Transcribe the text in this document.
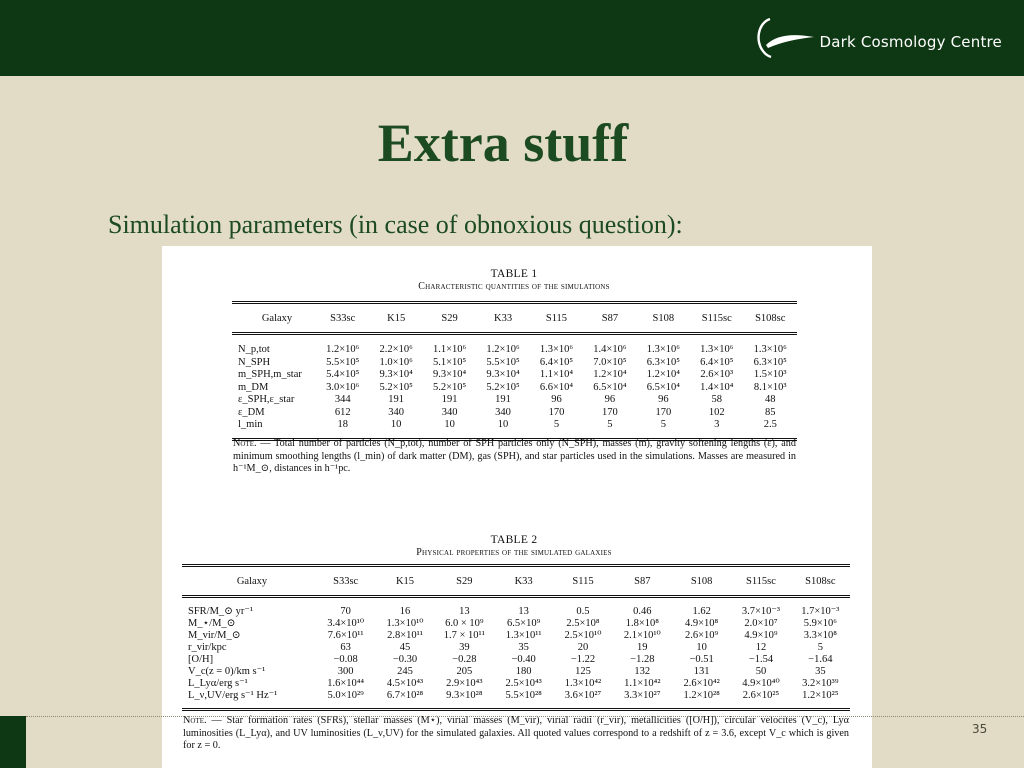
Dark Cosmology Centre
Extra stuff
Simulation parameters (in case of obnoxious question):
TABLE 1
Characteristic quantities of the simulations
Galaxy	S33sc	K15	S29	K33	S115	S87	S108	S115sc	S108sc
N_p,tot	1.2×10⁶	2.2×10⁶	1.1×10⁶	1.2×10⁶	1.3×10⁶	1.4×10⁶	1.3×10⁶	1.3×10⁶	1.3×10⁶
N_SPH	5.5×10⁵	1.0×10⁶	5.1×10⁵	5.5×10⁵	6.4×10⁵	7.0×10⁵	6.3×10⁵	6.4×10⁵	6.3×10⁵
m_SPH,m_star	5.4×10⁵	9.3×10⁴	9.3×10⁴	9.3×10⁴	1.1×10⁴	1.2×10⁴	1.2×10⁴	2.6×10³	1.5×10³
m_DM	3.0×10⁶	5.2×10⁵	5.2×10⁵	5.2×10⁵	6.6×10⁴	6.5×10⁴	6.5×10⁴	1.4×10⁴	8.1×10³
ε_SPH,ε_star	344	191	191	191	96	96	96	58	48
ε_DM	612	340	340	340	170	170	170	102	85
l_min	18	10	10	10	5	5	5	3	2.5
Note. — Total number of particles (N_p,tot), number of SPH particles only (N_SPH), masses (m), gravity softening lengths (ε), and minimum smoothing lengths (l_min) of dark matter (DM), gas (SPH), and star particles used in the simulations. Masses are measured in h⁻¹M_⊙, distances in h⁻¹pc.
TABLE 2
Physical properties of the simulated galaxies
Galaxy	S33sc	K15	S29	K33	S115	S87	S108	S115sc	S108sc
SFR/M_⊙ yr⁻¹	70	16	13	13	0.5	0.46	1.62	3.7×10⁻³	1.7×10⁻³
M_⋆/M_⊙	3.4×10¹⁰	1.3×10¹⁰	6.0 × 10⁹	6.5×10⁹	2.5×10⁸	1.8×10⁸	4.9×10⁸	2.0×10⁷	5.9×10⁶
M_vir/M_⊙	7.6×10¹¹	2.8×10¹¹	1.7 × 10¹¹	1.3×10¹¹	2.5×10¹⁰	2.1×10¹⁰	2.6×10⁹	4.9×10⁹	3.3×10⁸
r_vir/kpc	63	45	39	35	20	19	10	12	5
[O/H]	−0.08	−0.30	−0.28	−0.40	−1.22	−1.28	−0.51	−1.54	−1.64
V_c(z = 0)/km s⁻¹	300	245	205	180	125	132	131	50	35
L_Lyα/erg s⁻¹	1.6×10⁴⁴	4.5×10⁴³	2.9×10⁴³	2.5×10⁴³	1.3×10⁴²	1.1×10⁴²	2.6×10⁴²	4.9×10⁴⁰	3.2×10³⁹
L_ν,UV/erg s⁻¹ Hz⁻¹	5.0×10²⁹	6.7×10²⁸	9.3×10²⁸	5.5×10²⁸	3.6×10²⁷	3.3×10²⁷	1.2×10²⁸	2.6×10²⁵	1.2×10²⁵
Note. — Star formation rates (SFRs), stellar masses (M⋆), virial masses (M_vir), virial radii (r_vir), metallicities ([O/H]), circular velocites (V_c), Lyα luminosities (L_Lyα), and UV luminosities (L_ν,UV) for the simulated galaxies. All quoted values correspond to a redshift of z = 3.6, except V_c which is given for z = 0.
35
